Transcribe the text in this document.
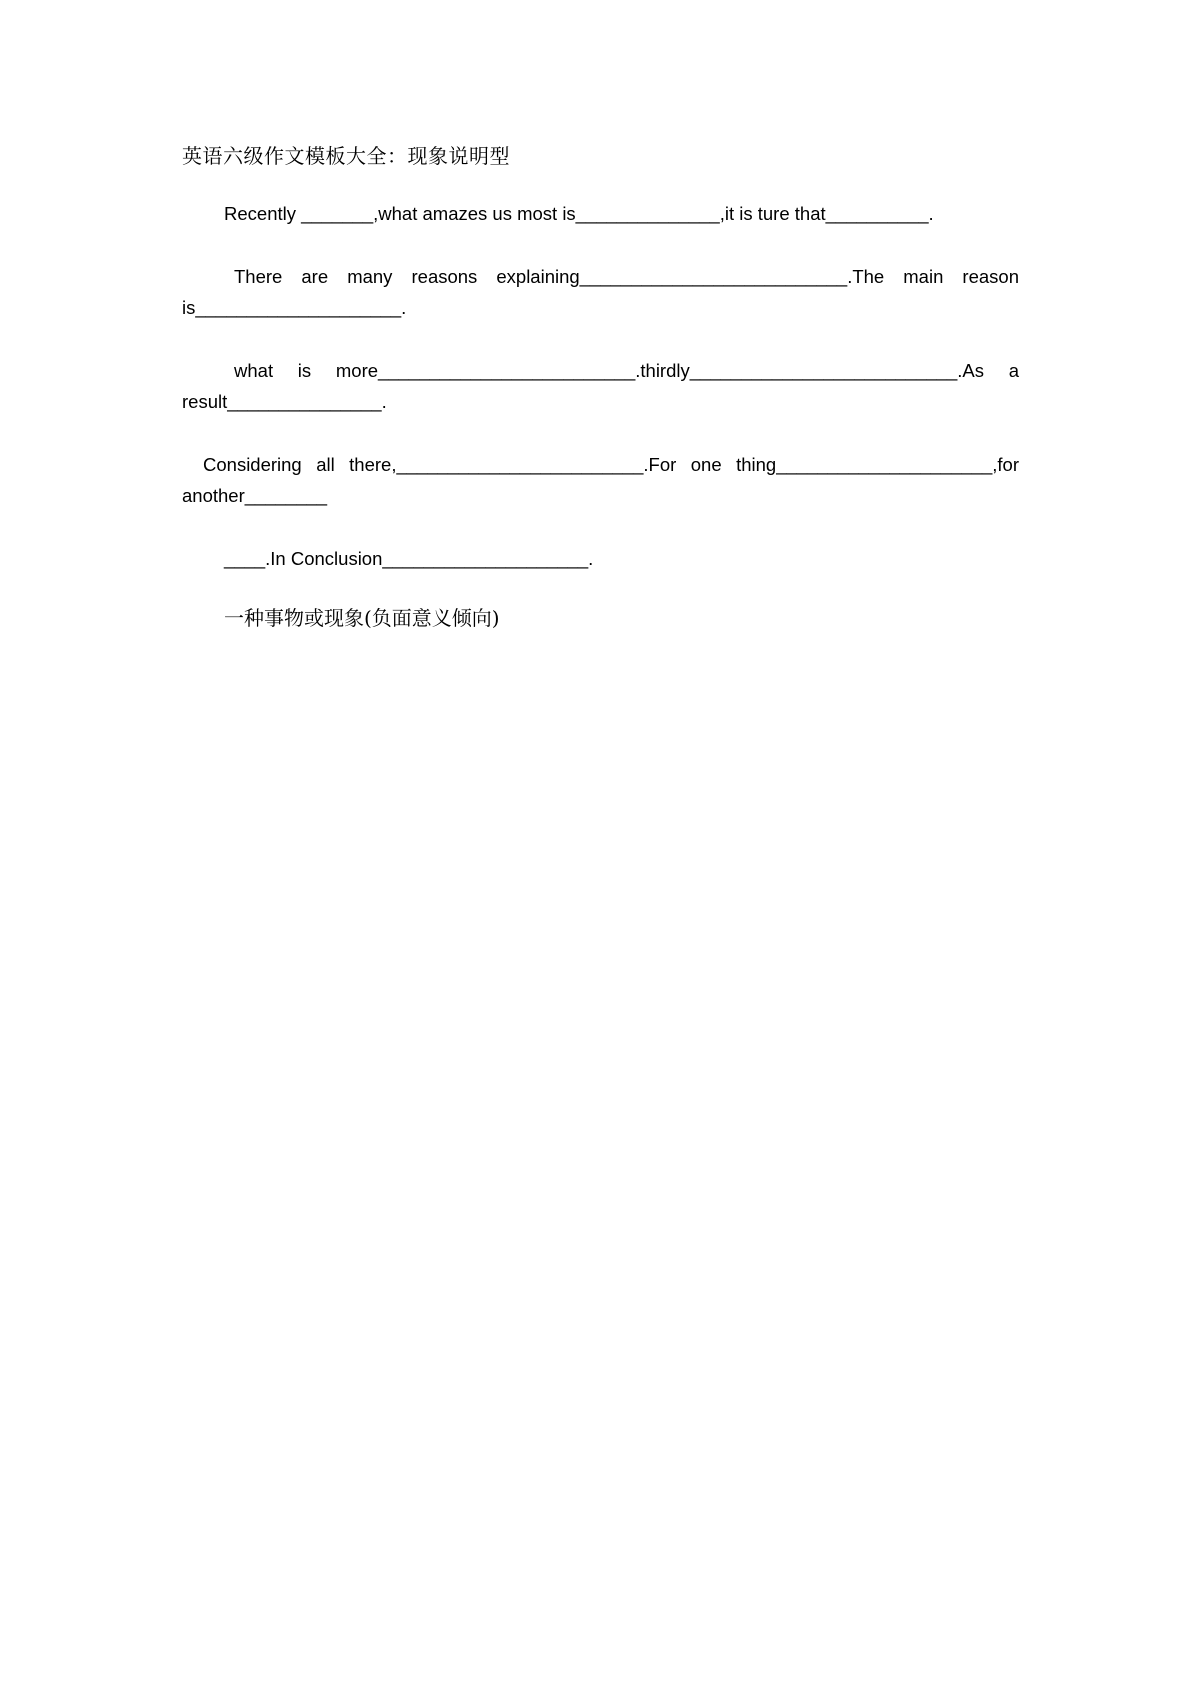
英语六级作文模板大全：现象说明型

Recently _______,what amazes us most is______________,it is ture that__________.

There are many reasons explaining__________________________.The main reason is____________________.

what is more_________________________.thirdly__________________________.As a result_______________.

Considering all there,________________________.For one thing_____________________,for another________

____.In Conclusion____________________.

一种事物或现象(负面意义倾向)
